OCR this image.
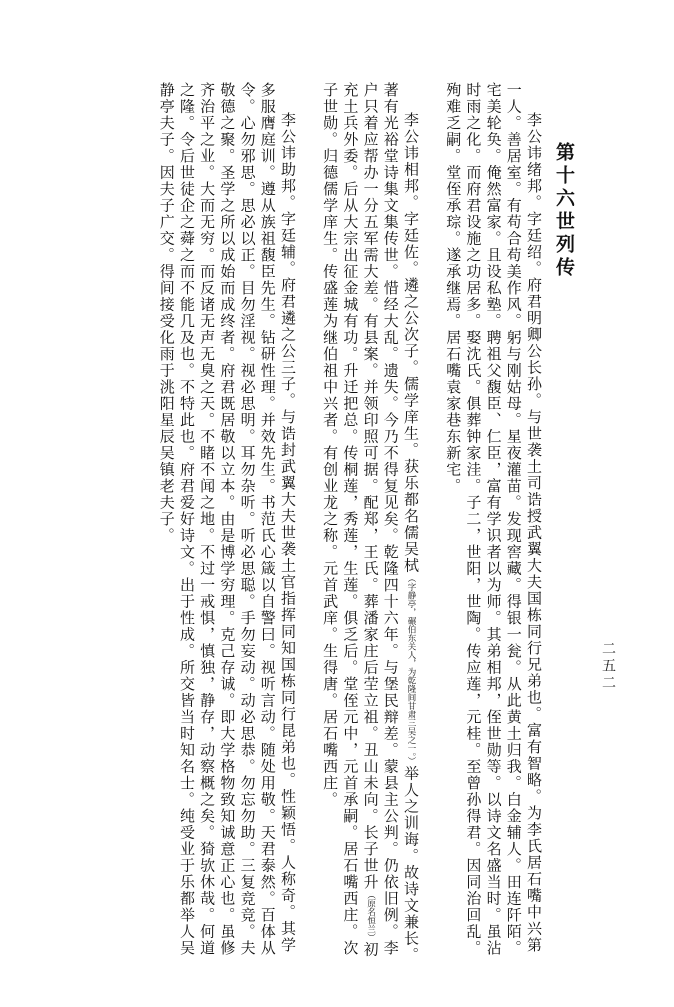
第十六世列传
二五二

李公讳绪邦。字廷绍。府君明卿公长孙。与世袭土司诰授武翼大夫国栋同行兄弟也。富有智略。为李氏居石嘴中兴第一人。善居室。有苟合苟美作风。躬与刚姑母。星夜灌苗。发现窖藏。得银一瓮。从此黄土归我。白金辅人。田连阡陌。宅美轮奂。俺然富家。且设私塾。聘祖父馥臣、仁臣，富有学识者以为师。其弟相邦，侄世勋等。以诗文名盛当时。虽沾时雨之化。而府君设施之功居多。娶沈氏。俱葬钟家洼。子二，世阳，世陶。传应莲，元桂。至曾孙得君。因同治回乱。殉难乏嗣。堂侄承琮。遂承继焉。居石嘴袁家巷东新宅。

李公讳相邦。字廷佐。遴之公次子。儒学庠生。获乐都名儒吴栻（字静亭，碾伯东关人，为乾隆间甘肃三吴之一。）举人之训诲。故诗文兼长。著有光裕堂诗集文集传世。惜经大乱。遗失。今乃不得复见矣。乾隆四十六年。与堡民辩差。蒙县主公判。仍依旧例。李户只着应帮办一分五军需大差。有县案。并领印照可据。配郑，王氏。葬潘家庄后茔立祖。丑山未向。长子世升（原名恒兰）初充土兵外委。后从大宗出征金城有功。升迁把总。传桐莲，秀莲，生莲。俱乏后。堂侄元中，元首承嗣。居石嘴西庄。次子世勋。归德儒学庠生。传盛莲为继伯祖中兴者。有创业龙之称。元首武庠。生得唐。居石嘴西庄。

李公讳助邦。字廷辅。府君遴之公三子。与诰封武翼大夫世袭土官指挥同知国栋同行昆弟也。性颖悟。人称奇。其学多服膺庭训。遵从族祖馥臣先生。钻研性理。并效先生。书范氏心箴以自警曰。视听言动。随处用敬。天君泰然。百体从令。心勿邪思。思必以正。目勿淫视。视必思明。耳勿杂听。听必思聪。手勿妄动。动必思恭。勿忘勿助。三复竞竞。夫敬德之聚。圣学之所以成始而成终者。府君既居敬以立本。由是博学穷理。克己存诚。即大学格物致知诚意正心也。虽修齐治平之业。大而无穷。而反诸无声无臭之天。不睹不闻之地。不过一戒惧，慎独，静存，动察概之矣。猗欤休哉。何道之隆。令后世徒企之蕣之而不能几及也。不特此也。府君爱好诗文。出于性成。所交皆当时知名士。纯受业于乐都举人吴静亭夫子。因夫子广交。得间接受化雨于洮阳星辰吴镇老夫子。
